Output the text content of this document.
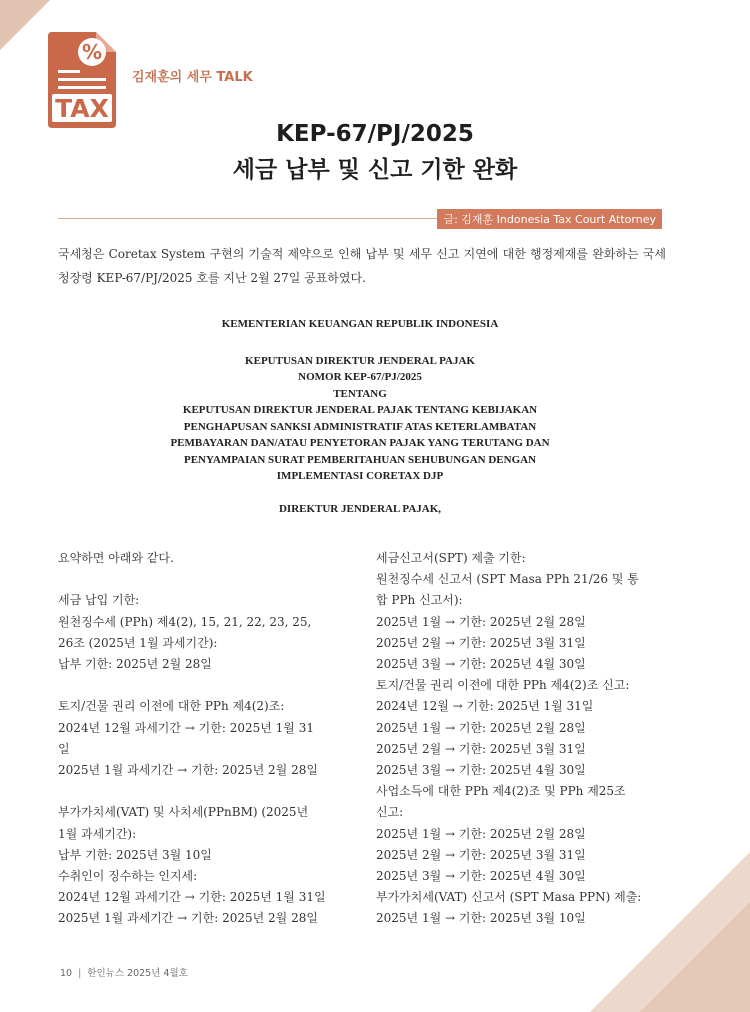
%
TAX
김재훈의 세무 TALK
KEP-67/PJ/2025
세금 납부 및 신고 기한 완화
글: 김재훈 Indonesia Tax Court Attorney

국세청은 Coretax System 구현의 기술적 제약으로 인해 납부 및 세무 신고 지연에 대한 행정제재를 완화하는 국세청장령 KEP-67/PJ/2025 호를 지난 2월 27일 공표하였다.

KEMENTERIAN KEUANGAN REPUBLIK INDONESIA
KEPUTUSAN DIREKTUR JENDERAL PAJAK
NOMOR KEP-67/PJ/2025
TENTANG
KEPUTUSAN DIREKTUR JENDERAL PAJAK TENTANG KEBIJAKAN
PENGHAPUSAN SANKSI ADMINISTRATIF ATAS KETERLAMBATAN
PEMBAYARAN DAN/ATAU PENYETORAN PAJAK YANG TERUTANG DAN
PENYAMPAIAN SURAT PEMBERITAHUAN SEHUBUNGAN DENGAN
IMPLEMENTASI CORETAX DJP
DIREKTUR JENDERAL PAJAK,
요약하면 아래와 같다.
세금 납입 기한:
원천징수세 (PPh) 제4(2), 15, 21, 22, 23, 25,
26조 (2025년 1월 과세기간):
납부 기한: 2025년 2월 28일
토지/건물 권리 이전에 대한 PPh 제4(2)조:
2024년 12월 과세기간 → 기한: 2025년 1월 31
일
2025년 1월 과세기간 → 기한: 2025년 2월 28일
부가가치세(VAT) 및 사치세(PPnBM) (2025년
1월 과세기간):
납부 기한: 2025년 3월 10일
수취인이 징수하는 인지세:
2024년 12월 과세기간 → 기한: 2025년 1월 31일
2025년 1월 과세기간 → 기한: 2025년 2월 28일
세금신고서(SPT) 제출 기한:
원천징수세 신고서 (SPT Masa PPh 21/26 및 통
합 PPh 신고서):
2025년 1월 → 기한: 2025년 2월 28일
2025년 2월 → 기한: 2025년 3월 31일
2025년 3월 → 기한: 2025년 4월 30일
토지/건물 권리 이전에 대한 PPh 제4(2)조 신고:
2024년 12월 → 기한: 2025년 1월 31일
2025년 1월 → 기한: 2025년 2월 28일
2025년 2월 → 기한: 2025년 3월 31일
2025년 3월 → 기한: 2025년 4월 30일
사업소득에 대한 PPh 제4(2)조 및 PPh 제25조
신고:
2025년 1월 → 기한: 2025년 2월 28일
2025년 2월 → 기한: 2025년 3월 31일
2025년 3월 → 기한: 2025년 4월 30일
부가가치세(VAT) 신고서 (SPT Masa PPN) 제출:
2025년 1월 → 기한: 2025년 3월 10일
10 | 한인뉴스 2025년 4월호
